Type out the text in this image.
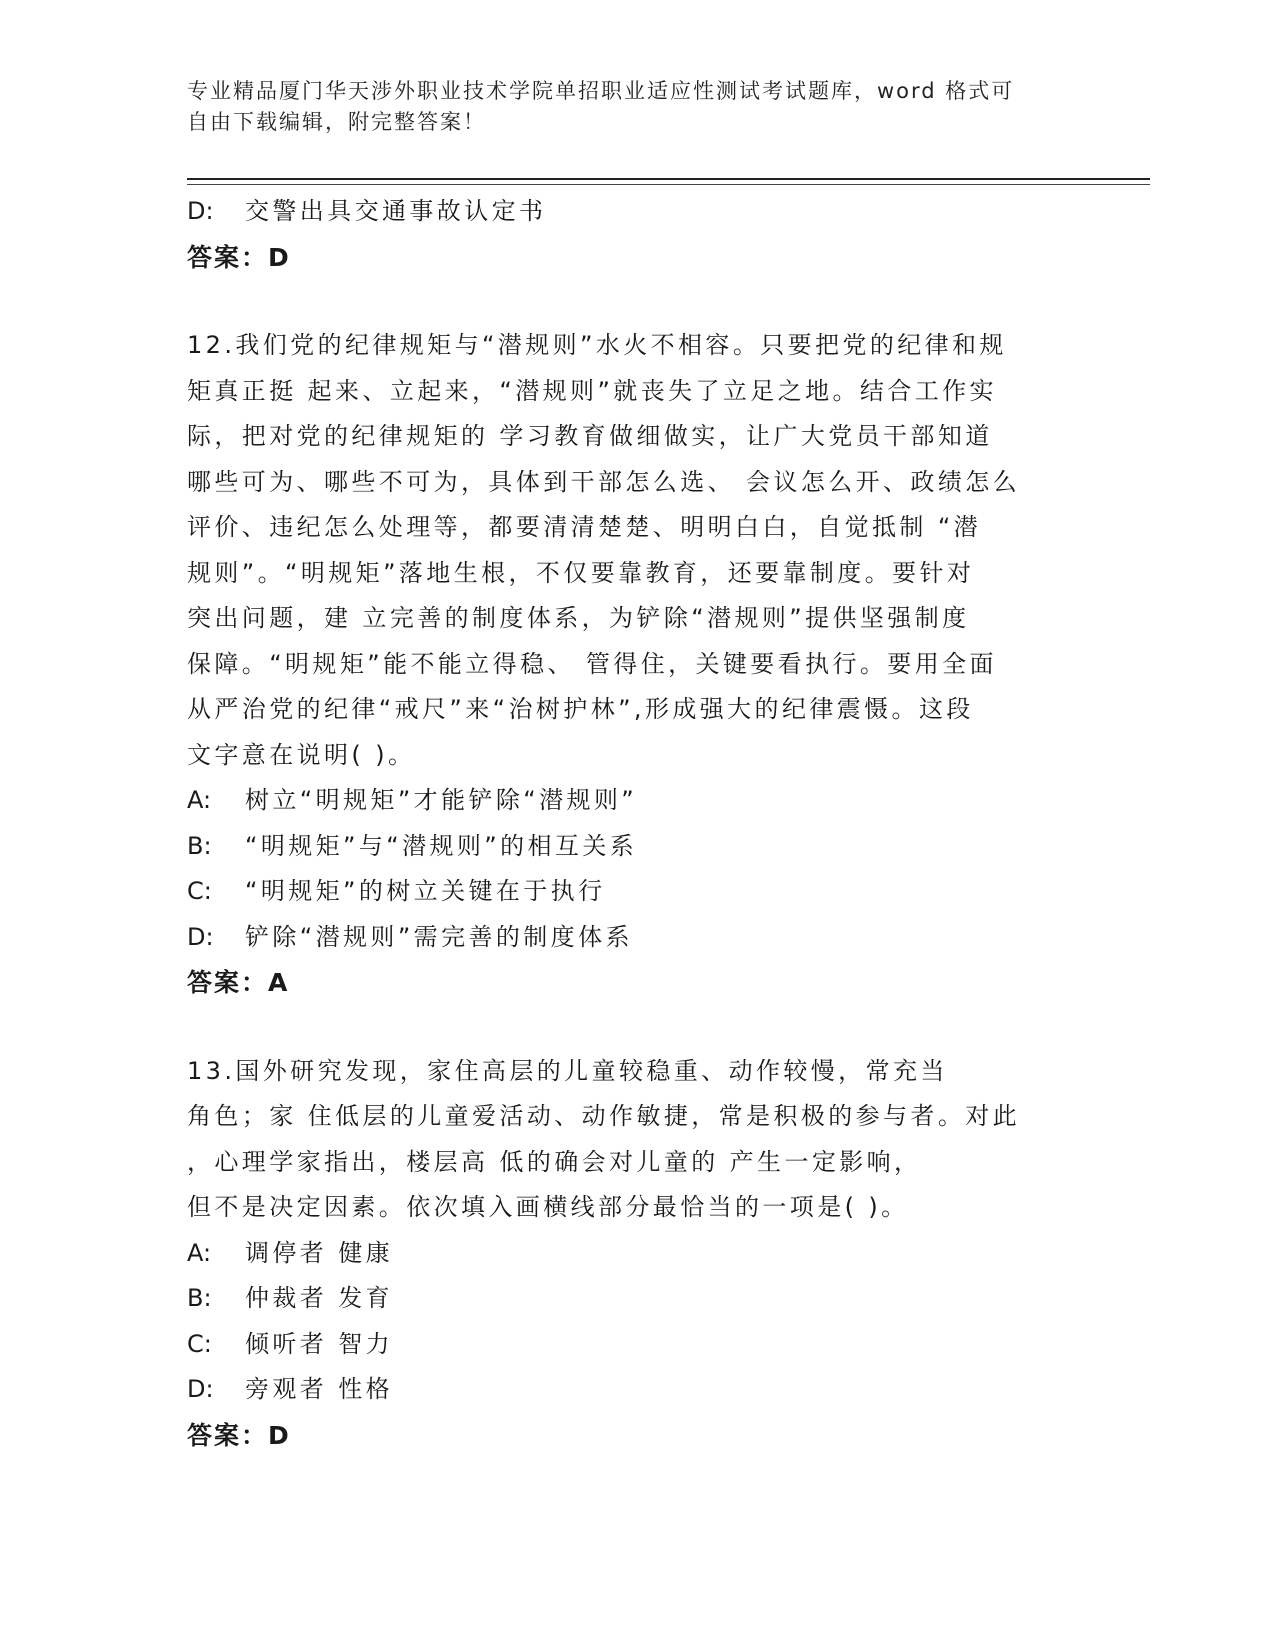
专业精品厦门华天涉外职业技术学院单招职业适应性测试考试题库，word 格式可
自由下载编辑，附完整答案！
D: 交警出具交通事故认定书
答案：D
12.我们党的纪律规矩与“潜规则”水火不相容。只要把党的纪律和规
矩真正挺 起来、立起来，“潜规则”就丧失了立足之地。结合工作实
际，把对党的纪律规矩的 学习教育做细做实，让广大党员干部知道
哪些可为、哪些不可为，具体到干部怎么选、 会议怎么开、政绩怎么
评价、违纪怎么处理等，都要清清楚楚、明明白白，自觉抵制 “潜
规则”。“明规矩”落地生根，不仅要靠教育，还要靠制度。要针对
突出问题，建 立完善的制度体系，为铲除“潜规则”提供坚强制度
保障。“明规矩”能不能立得稳、 管得住，关键要看执行。要用全面
从严治党的纪律“戒尺”来“治树护林”,形成强大的纪律震慑。这段
文字意在说明( )。
A: 树立“明规矩”才能铲除“潜规则”
B: “明规矩”与“潜规则”的相互关系
C: “明规矩”的树立关键在于执行
D: 铲除“潜规则”需完善的制度体系
答案：A
13.国外研究发现，家住高层的儿童较稳重、动作较慢，常充当
角色；家 住低层的儿童爱活动、动作敏捷，常是积极的参与者。对此
，心理学家指出，楼层高 低的确会对儿童的 产生一定影响，
但不是决定因素。依次填入画横线部分最恰当的一项是( )。
A: 调停者 健康
B: 仲裁者 发育
C: 倾听者 智力
D: 旁观者 性格
答案：D
